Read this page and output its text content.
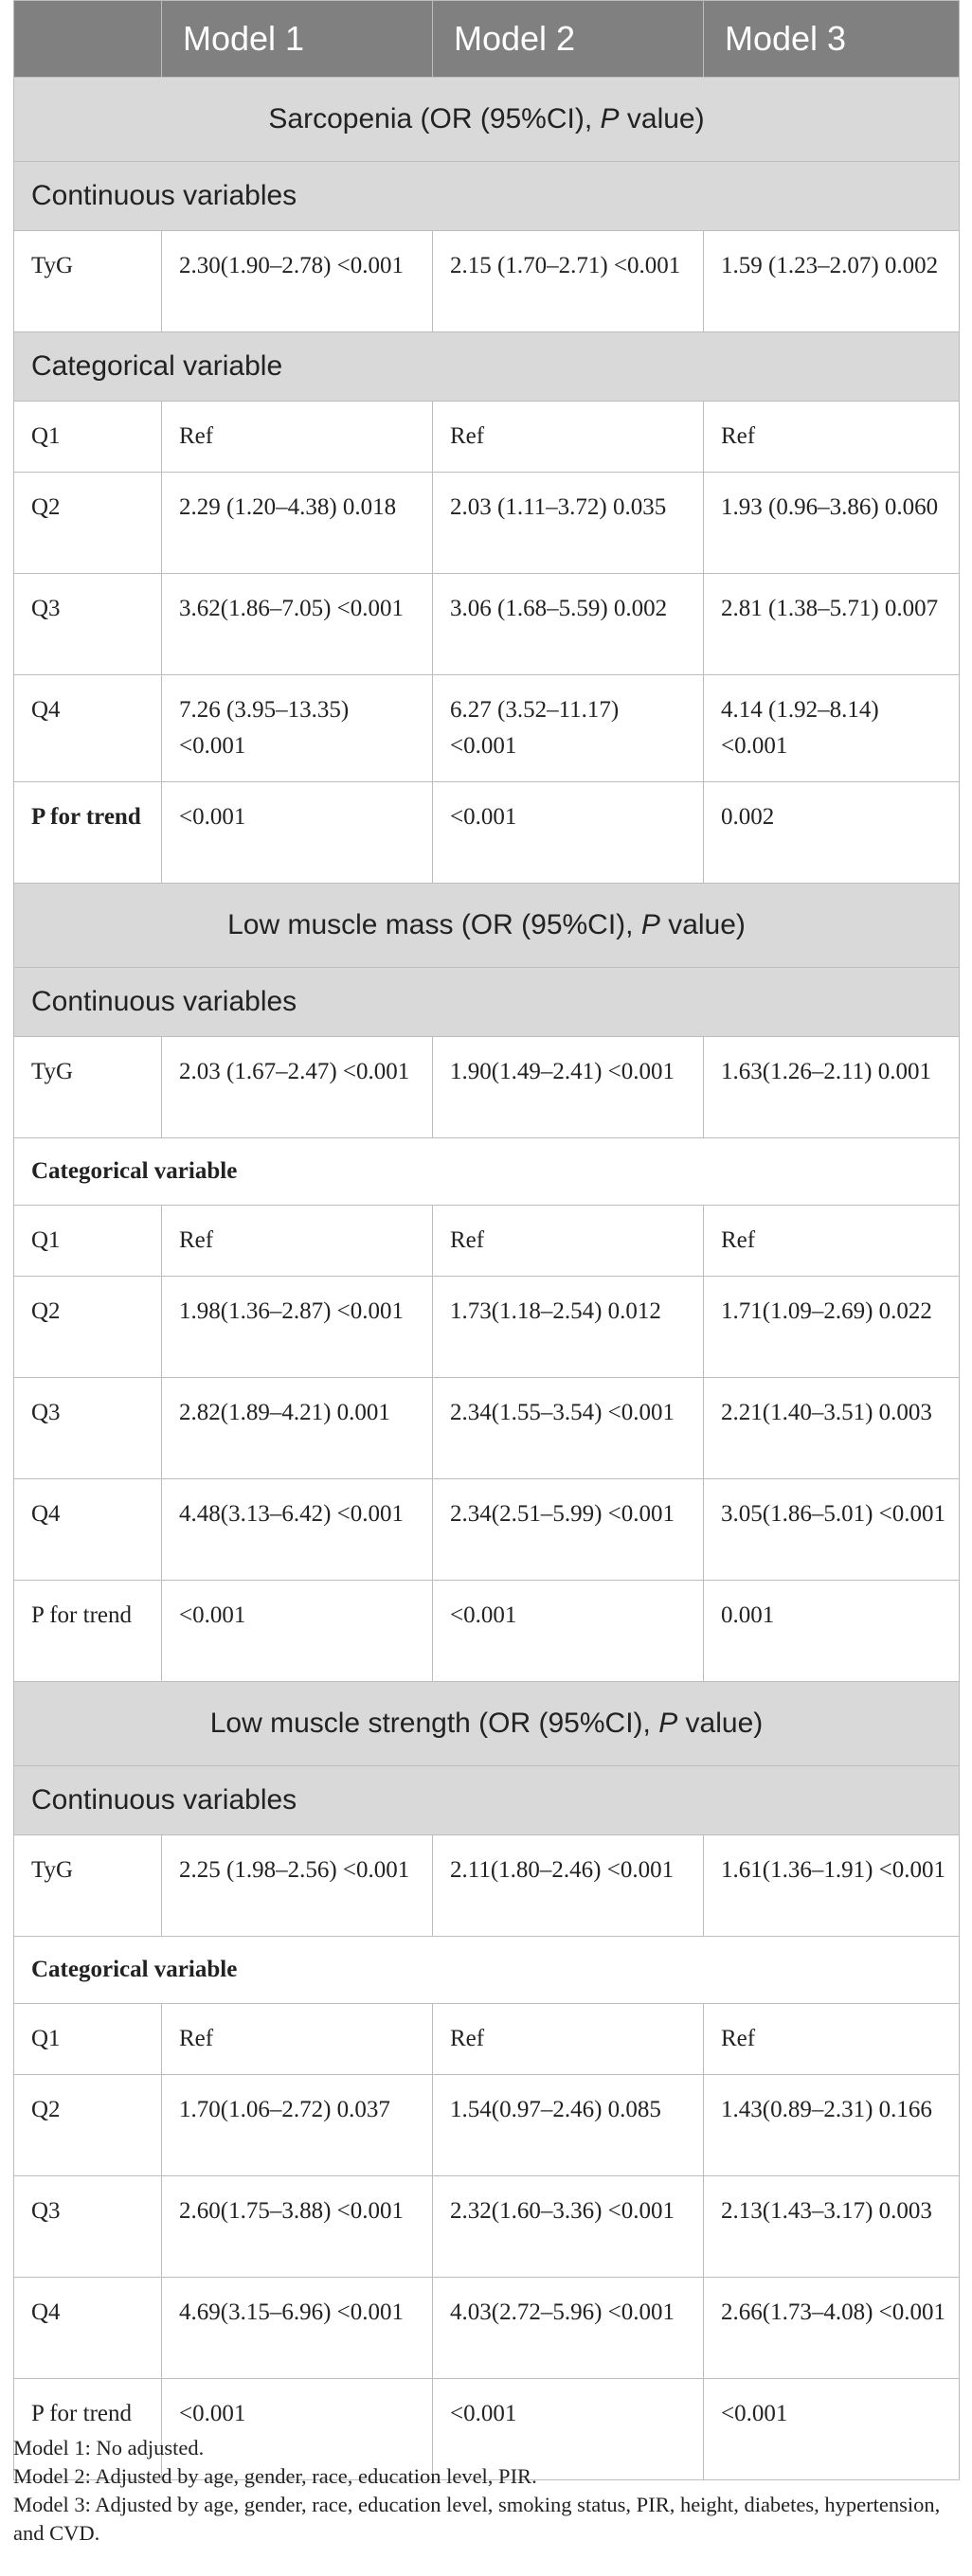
	Model 1	Model 2	Model 3
Sarcopenia (OR (95%CI), P value)			
Continuous variables			
TyG	2.30(1.90–2.78) <0.001	2.15 (1.70–2.71) <0.001	1.59 (1.23–2.07) 0.002
Categorical variable			
Q1	Ref	Ref	Ref
Q2	2.29 (1.20–4.38) 0.018	2.03 (1.11–3.72) 0.035	1.93 (0.96–3.86) 0.060
Q3	3.62(1.86–7.05) <0.001	3.06 (1.68–5.59) 0.002	2.81 (1.38–5.71) 0.007
Q4	7.26 (3.95–13.35) <0.001	6.27 (3.52–11.17) <0.001	4.14 (1.92–8.14) <0.001
P for trend	<0.001	<0.001	0.002
Low muscle mass (OR (95%CI), P value)			
Continuous variables			
TyG	2.03 (1.67–2.47) <0.001	1.90(1.49–2.41) <0.001	1.63(1.26–2.11) 0.001
Categorical variable			
Q1	Ref	Ref	Ref
Q2	1.98(1.36–2.87) <0.001	1.73(1.18–2.54) 0.012	1.71(1.09–2.69) 0.022
Q3	2.82(1.89–4.21) 0.001	2.34(1.55–3.54) <0.001	2.21(1.40–3.51) 0.003
Q4	4.48(3.13–6.42) <0.001	2.34(2.51–5.99) <0.001	3.05(1.86–5.01) <0.001
P for trend	<0.001	<0.001	0.001
Low muscle strength (OR (95%CI), P value)			
Continuous variables			
TyG	2.25 (1.98–2.56) <0.001	2.11(1.80–2.46) <0.001	1.61(1.36–1.91) <0.001
Categorical variable			
Q1	Ref	Ref	Ref
Q2	1.70(1.06–2.72) 0.037	1.54(0.97–2.46) 0.085	1.43(0.89–2.31) 0.166
Q3	2.60(1.75–3.88) <0.001	2.32(1.60–3.36) <0.001	2.13(1.43–3.17) 0.003
Q4	4.69(3.15–6.96) <0.001	4.03(2.72–5.96) <0.001	2.66(1.73–4.08) <0.001
P for trend	<0.001	<0.001	<0.001
Model 1: No adjusted.
Model 2: Adjusted by age, gender, race, education level, PIR.
Model 3: Adjusted by age, gender, race, education level, smoking status, PIR, height, diabetes, hypertension, and CVD.
